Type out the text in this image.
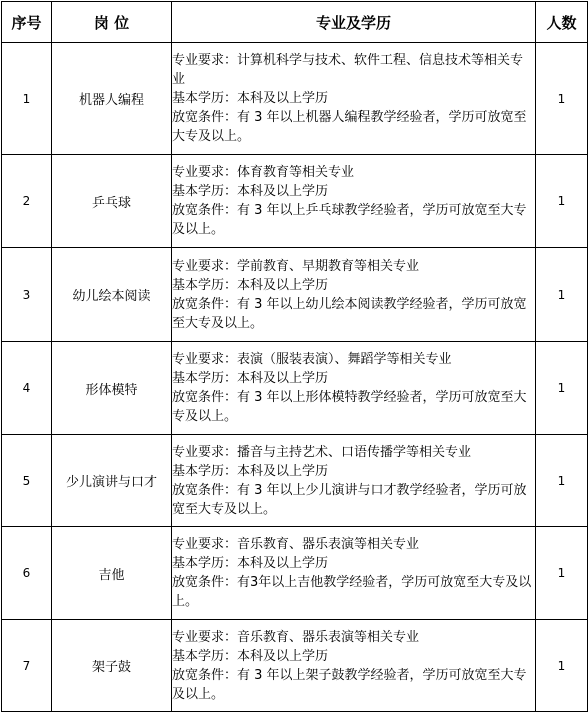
序号	岗 位	专业及学历	人数
1	机器人编程	专业要求：计算机科学与技术、软件工程、信息技术等相关专业
基本学历：本科及以上学历
放宽条件：有 3 年以上机器人编程教学经验者，学历可放宽至大专及以上。	1
2	乒乓球	专业要求：体育教育等相关专业
基本学历：本科及以上学历
放宽条件：有 3 年以上乒乓球教学经验者，学历可放宽至大专及以上。	1
3	幼儿绘本阅读	专业要求：学前教育、早期教育等相关专业
基本学历：本科及以上学历
放宽条件：有 3 年以上幼儿绘本阅读教学经验者，学历可放宽至大专及以上。	1
4	形体模特	专业要求：表演（服装表演）、舞蹈学等相关专业
基本学历：本科及以上学历
放宽条件：有 3 年以上形体模特教学经验者，学历可放宽至大专及以上。	1
5	少儿演讲与口才	专业要求：播音与主持艺术、口语传播学等相关专业
基本学历：本科及以上学历
放宽条件：有 3 年以上少儿演讲与口才教学经验者，学历可放宽至大专及以上。	1
6	吉他	专业要求：音乐教育、器乐表演等相关专业
基本学历：本科及以上学历
放宽条件：有3年以上吉他教学经验者，学历可放宽至大专及以上。	1
7	架子鼓	专业要求：音乐教育、器乐表演等相关专业
基本学历：本科及以上学历
放宽条件：有 3 年以上架子鼓教学经验者，学历可放宽至大专及以上。	1
